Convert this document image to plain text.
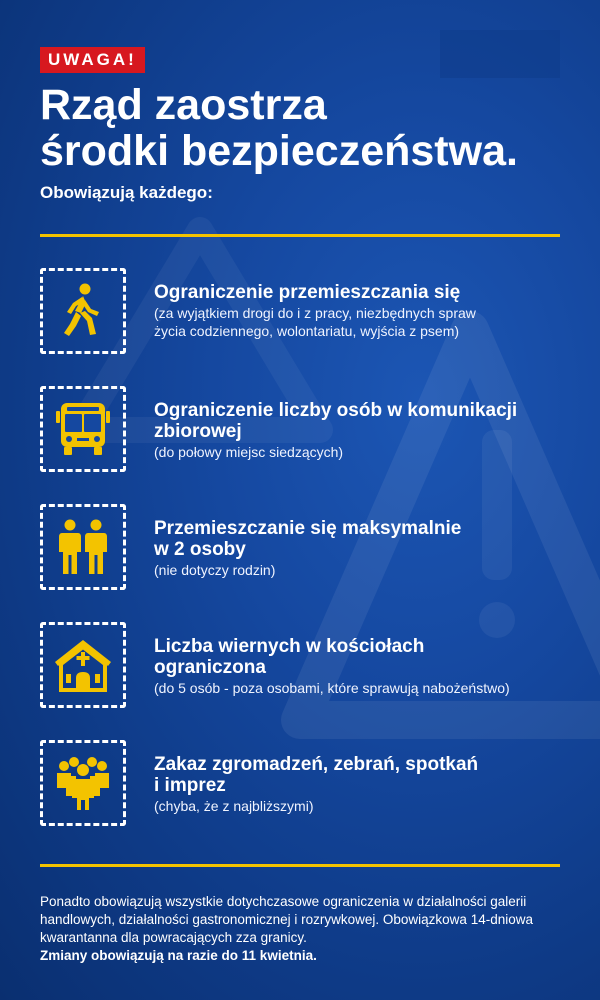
UWAGA!
Rząd zaostrza
środki bezpieczeństwa.
Obowiązują każdego:
Ograniczenie przemieszczania się
(za wyjątkiem drogi do i z pracy, niezbędnych spraw
życia codziennego, wolontariatu, wyjścia z psem)
Ograniczenie liczby osób w komunikacji
zbiorowej
(do połowy miejsc siedzących)
Przemieszczanie się maksymalnie
w 2 osoby
(nie dotyczy rodzin)
Liczba wiernych w kościołach
ograniczona
(do 5 osób - poza osobami, które sprawują nabożeństwo)
Zakaz zgromadzeń, zebrań, spotkań
i imprez
(chyba, że z najbliższymi)

Ponadto obowiązują wszystkie dotychczasowe ograniczenia w działalności galerii handlowych, działalności gastronomicznej i rozrywkowej. Obowiązkowa 14-dniowa kwarantanna dla powracających zza granicy.

Zmiany obowiązują na razie do 11 kwietnia.
